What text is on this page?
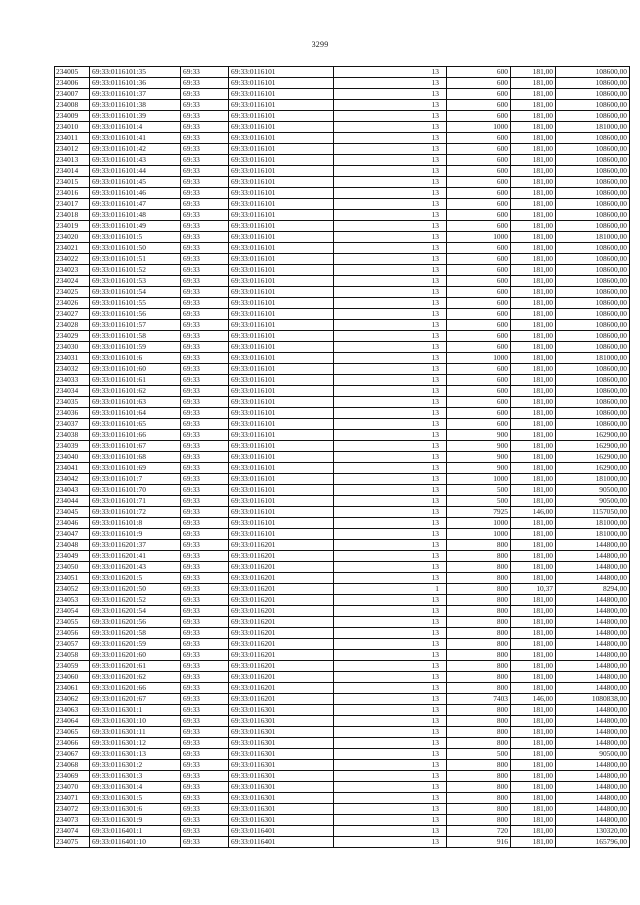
3299
234005	69:33:0116101:35	69:33	69:33:0116101	13	600	181,00	108600,00
234006	69:33:0116101:36	69:33	69:33:0116101	13	600	181,00	108600,00
234007	69:33:0116101:37	69:33	69:33:0116101	13	600	181,00	108600,00
234008	69:33:0116101:38	69:33	69:33:0116101	13	600	181,00	108600,00
234009	69:33:0116101:39	69:33	69:33:0116101	13	600	181,00	108600,00
234010	69:33:0116101:4	69:33	69:33:0116101	13	1000	181,00	181000,00
234011	69:33:0116101:41	69:33	69:33:0116101	13	600	181,00	108600,00
234012	69:33:0116101:42	69:33	69:33:0116101	13	600	181,00	108600,00
234013	69:33:0116101:43	69:33	69:33:0116101	13	600	181,00	108600,00
234014	69:33:0116101:44	69:33	69:33:0116101	13	600	181,00	108600,00
234015	69:33:0116101:45	69:33	69:33:0116101	13	600	181,00	108600,00
234016	69:33:0116101:46	69:33	69:33:0116101	13	600	181,00	108600,00
234017	69:33:0116101:47	69:33	69:33:0116101	13	600	181,00	108600,00
234018	69:33:0116101:48	69:33	69:33:0116101	13	600	181,00	108600,00
234019	69:33:0116101:49	69:33	69:33:0116101	13	600	181,00	108600,00
234020	69:33:0116101:5	69:33	69:33:0116101	13	1000	181,00	181000,00
234021	69:33:0116101:50	69:33	69:33:0116101	13	600	181,00	108600,00
234022	69:33:0116101:51	69:33	69:33:0116101	13	600	181,00	108600,00
234023	69:33:0116101:52	69:33	69:33:0116101	13	600	181,00	108600,00
234024	69:33:0116101:53	69:33	69:33:0116101	13	600	181,00	108600,00
234025	69:33:0116101:54	69:33	69:33:0116101	13	600	181,00	108600,00
234026	69:33:0116101:55	69:33	69:33:0116101	13	600	181,00	108600,00
234027	69:33:0116101:56	69:33	69:33:0116101	13	600	181,00	108600,00
234028	69:33:0116101:57	69:33	69:33:0116101	13	600	181,00	108600,00
234029	69:33:0116101:58	69:33	69:33:0116101	13	600	181,00	108600,00
234030	69:33:0116101:59	69:33	69:33:0116101	13	600	181,00	108600,00
234031	69:33:0116101:6	69:33	69:33:0116101	13	1000	181,00	181000,00
234032	69:33:0116101:60	69:33	69:33:0116101	13	600	181,00	108600,00
234033	69:33:0116101:61	69:33	69:33:0116101	13	600	181,00	108600,00
234034	69:33:0116101:62	69:33	69:33:0116101	13	600	181,00	108600,00
234035	69:33:0116101:63	69:33	69:33:0116101	13	600	181,00	108600,00
234036	69:33:0116101:64	69:33	69:33:0116101	13	600	181,00	108600,00
234037	69:33:0116101:65	69:33	69:33:0116101	13	600	181,00	108600,00
234038	69:33:0116101:66	69:33	69:33:0116101	13	900	181,00	162900,00
234039	69:33:0116101:67	69:33	69:33:0116101	13	900	181,00	162900,00
234040	69:33:0116101:68	69:33	69:33:0116101	13	900	181,00	162900,00
234041	69:33:0116101:69	69:33	69:33:0116101	13	900	181,00	162900,00
234042	69:33:0116101:7	69:33	69:33:0116101	13	1000	181,00	181000,00
234043	69:33:0116101:70	69:33	69:33:0116101	13	500	181,00	90500,00
234044	69:33:0116101:71	69:33	69:33:0116101	13	500	181,00	90500,00
234045	69:33:0116101:72	69:33	69:33:0116101	13	7925	146,00	1157050,00
234046	69:33:0116101:8	69:33	69:33:0116101	13	1000	181,00	181000,00
234047	69:33:0116101:9	69:33	69:33:0116101	13	1000	181,00	181000,00
234048	69:33:0116201:37	69:33	69:33:0116201	13	800	181,00	144800,00
234049	69:33:0116201:41	69:33	69:33:0116201	13	800	181,00	144800,00
234050	69:33:0116201:43	69:33	69:33:0116201	13	800	181,00	144800,00
234051	69:33:0116201:5	69:33	69:33:0116201	13	800	181,00	144800,00
234052	69:33:0116201:50	69:33	69:33:0116201	1	800	10,37	8294,00
234053	69:33:0116201:52	69:33	69:33:0116201	13	800	181,00	144800,00
234054	69:33:0116201:54	69:33	69:33:0116201	13	800	181,00	144800,00
234055	69:33:0116201:56	69:33	69:33:0116201	13	800	181,00	144800,00
234056	69:33:0116201:58	69:33	69:33:0116201	13	800	181,00	144800,00
234057	69:33:0116201:59	69:33	69:33:0116201	13	800	181,00	144800,00
234058	69:33:0116201:60	69:33	69:33:0116201	13	800	181,00	144800,00
234059	69:33:0116201:61	69:33	69:33:0116201	13	800	181,00	144800,00
234060	69:33:0116201:62	69:33	69:33:0116201	13	800	181,00	144800,00
234061	69:33:0116201:66	69:33	69:33:0116201	13	800	181,00	144800,00
234062	69:33:0116201:67	69:33	69:33:0116201	13	7403	146,00	1080838,00
234063	69:33:0116301:1	69:33	69:33:0116301	13	800	181,00	144800,00
234064	69:33:0116301:10	69:33	69:33:0116301	13	800	181,00	144800,00
234065	69:33:0116301:11	69:33	69:33:0116301	13	800	181,00	144800,00
234066	69:33:0116301:12	69:33	69:33:0116301	13	800	181,00	144800,00
234067	69:33:0116301:13	69:33	69:33:0116301	13	500	181,00	90500,00
234068	69:33:0116301:2	69:33	69:33:0116301	13	800	181,00	144800,00
234069	69:33:0116301:3	69:33	69:33:0116301	13	800	181,00	144800,00
234070	69:33:0116301:4	69:33	69:33:0116301	13	800	181,00	144800,00
234071	69:33:0116301:5	69:33	69:33:0116301	13	800	181,00	144800,00
234072	69:33:0116301:6	69:33	69:33:0116301	13	800	181,00	144800,00
234073	69:33:0116301:9	69:33	69:33:0116301	13	800	181,00	144800,00
234074	69:33:0116401:1	69:33	69:33:0116401	13	720	181,00	130320,00
234075	69:33:0116401:10	69:33	69:33:0116401	13	916	181,00	165796,00
